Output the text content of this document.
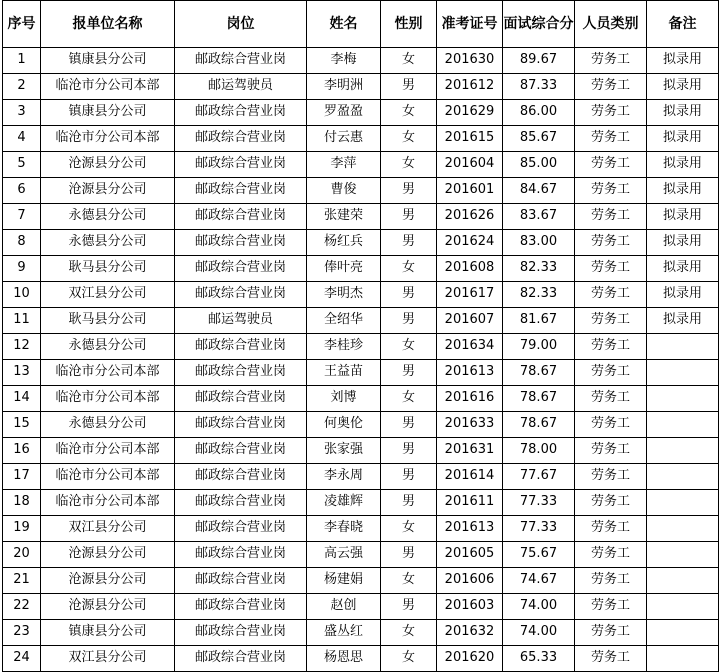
序号	报单位名称	岗位	姓名	性别	准考证号	面试综合分	人员类别	备注

1	镇康县分公司	邮政综合营业岗	李梅	女	201630	89.67	劳务工	拟录用
2	临沧市分公司本部	邮运驾驶员	李明洲	男	201612	87.33	劳务工	拟录用
3	镇康县分公司	邮政综合营业岗	罗盈盈	女	201629	86.00	劳务工	拟录用
4	临沧市分公司本部	邮政综合营业岗	付云惠	女	201615	85.67	劳务工	拟录用
5	沧源县分公司	邮政综合营业岗	李萍	女	201604	85.00	劳务工	拟录用
6	沧源县分公司	邮政综合营业岗	曹俊	男	201601	84.67	劳务工	拟录用
7	永德县分公司	邮政综合营业岗	张建荣	男	201626	83.67	劳务工	拟录用
8	永德县分公司	邮政综合营业岗	杨红兵	男	201624	83.00	劳务工	拟录用
9	耿马县分公司	邮政综合营业岗	俸叶亮	女	201608	82.33	劳务工	拟录用
10	双江县分公司	邮政综合营业岗	李明杰	男	201617	82.33	劳务工	拟录用
11	耿马县分公司	邮运驾驶员	全绍华	男	201607	81.67	劳务工	拟录用
12	永德县分公司	邮政综合营业岗	李桂珍	女	201634	79.00	劳务工	
13	临沧市分公司本部	邮政综合营业岗	王益苗	男	201613	78.67	劳务工	
14	临沧市分公司本部	邮政综合营业岗	刘博	女	201616	78.67	劳务工	
15	永德县分公司	邮政综合营业岗	何奥伦	男	201633	78.67	劳务工	
16	临沧市分公司本部	邮政综合营业岗	张家强	男	201631	78.00	劳务工	
17	临沧市分公司本部	邮政综合营业岗	李永周	男	201614	77.67	劳务工	
18	临沧市分公司本部	邮政综合营业岗	凌雄辉	男	201611	77.33	劳务工	
19	双江县分公司	邮政综合营业岗	李春晓	女	201613	77.33	劳务工	
20	沧源县分公司	邮政综合营业岗	高云强	男	201605	75.67	劳务工	
21	沧源县分公司	邮政综合营业岗	杨建娟	女	201606	74.67	劳务工	
22	沧源县分公司	邮政综合营业岗	赵创	男	201603	74.00	劳务工	
23	镇康县分公司	邮政综合营业岗	盛丛红	女	201632	74.00	劳务工	
24	双江县分公司	邮政综合营业岗	杨恩思	女	201620	65.33	劳务工	
